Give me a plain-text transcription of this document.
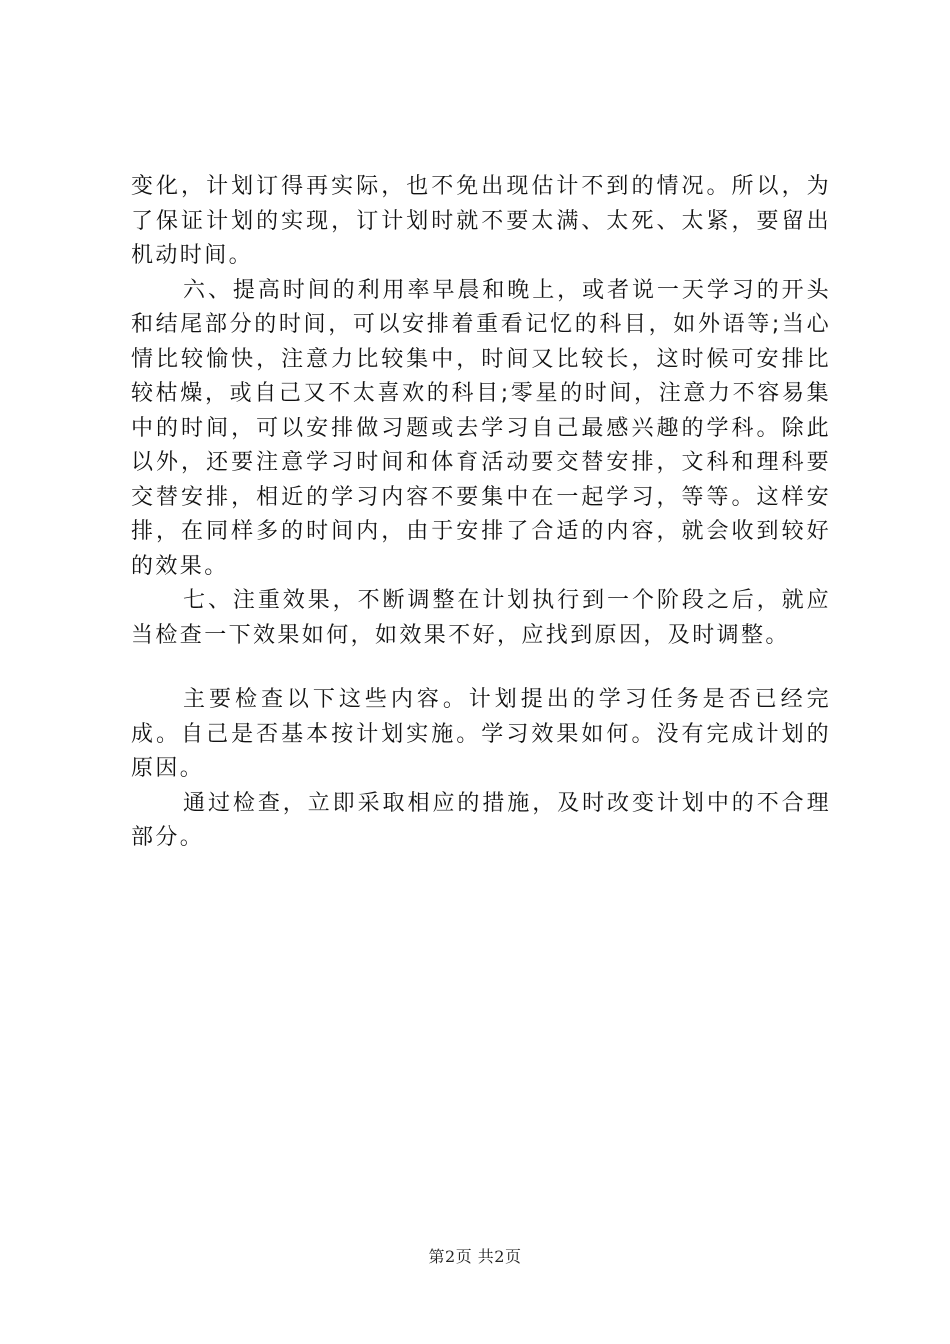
变化，计划订得再实际，也不免出现估计不到的情况。所以，为了保证计划的实现，订计划时就不要太满、太死、太紧，要留出机动时间。

六、提高时间的利用率早晨和晚上，或者说一天学习的开头和结尾部分的时间，可以安排着重看记忆的科目，如外语等;当心情比较愉快，注意力比较集中，时间又比较长，这时候可安排比较枯燥，或自己又不太喜欢的科目;零星的时间，注意力不容易集中的时间，可以安排做习题或去学习自己最感兴趣的学科。除此以外，还要注意学习时间和体育活动要交替安排，文科和理科要交替安排，相近的学习内容不要集中在一起学习，等等。这样安排，在同样多的时间内，由于安排了合适的内容，就会收到较好的效果。

七、注重效果，不断调整在计划执行到一个阶段之后，就应当检查一下效果如何，如效果不好，应找到原因，及时调整。

主要检查以下这些内容。计划提出的学习任务是否已经完成。自己是否基本按计划实施。学习效果如何。没有完成计划的原因。

通过检查，立即采取相应的措施，及时改变计划中的不合理部分。

第2页 共2页
